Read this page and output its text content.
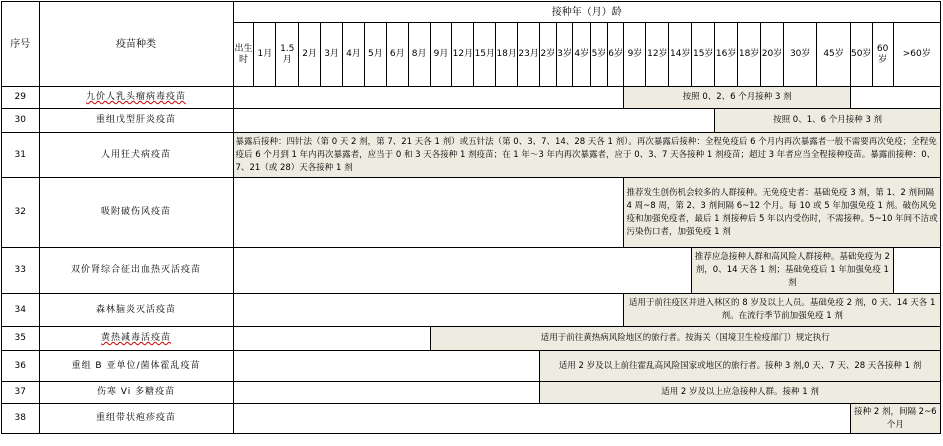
序号	疫苗种类	接种年（月）龄																														
		出生时	1月	1.5月	2月	3月	4月	5月	6月	8月	9月	12月	15月	18月	23月	2岁	3岁	4岁	5岁	6岁	9岁	12岁	14岁	15岁	16岁	18岁	20岁	30岁	45岁	50岁	60岁	>60岁
29	九价人乳头瘤病毒疫苗																				按照 0、2、6 个月接种 3 剂											
30	重组戊型肝炎疫苗																								按照 0、1、6 个月接种 3 剂							
31	人用狂犬病疫苗	暴露后接种：四针法（第 0 天 2 剂，第 7、21 天各 1 剂）或五针法（第 0、3、7、14、28 天各 1 剂）。再次暴露后接种：全程免疫后 6 个月内再次暴露者一般不需要再次免疫；全程免疫后 6 个月到 1 年内再次暴露者，应当于 0 和 3 天各接种 1 剂疫苗；在 1 年～3 年内再次暴露者，应于 0、3、7 天各接种 1 剂疫苗；超过 3 年者应当全程接种疫苗。暴露前接种：0、7、21（或 28）天各接种 1 剂																														
32	吸附破伤风疫苗																				推荐发生创伤机会较多的人群接种。无免疫史者：基础免疫 3 剂，第 1、2 剂间隔 4 周~8 周，第 2、3 剂间隔 6~12 个月。每 10 或 5 年加强免疫 1 剂。破伤风免疫和加强免疫者，最后 1 剂接种后 5 年以内受伤时，不需接种。5~10 年间不洁或污染伤口者，加强免疫 1 剂											
33	双价肾综合征出血热灭活疫苗																							推荐应急接种人群和高风险人群接种。基础免疫为 2 剂，0、14 天各 1 剂；基础免疫后 1 年加强免疫 1 剂								
34	森林脑炎灭活疫苗																				适用于前往疫区并进入林区的 8 岁及以上人员。基础免疫 2 剂，0 天、14 天各 1 剂。在流行季节前加强免疫 1 剂											
35	黄热减毒活疫苗										适用于前往黄热病风险地区的旅行者。按海关（国境卫生检疫部门）规定执行																					
36	重组 B 亚单位/菌体霍乱疫苗															适用 2 岁及以上前往霍乱高风险国家或地区的旅行者。接种 3 剂,0 天、7 天、28 天各接种 1 剂																
37	伤寒 Vi 多糖疫苗															适用 2 岁及以上应急接种人群。接种 1 剂																
38	重组带状疱疹疫苗																													接种 2 剂，间隔 2~6 个月		
